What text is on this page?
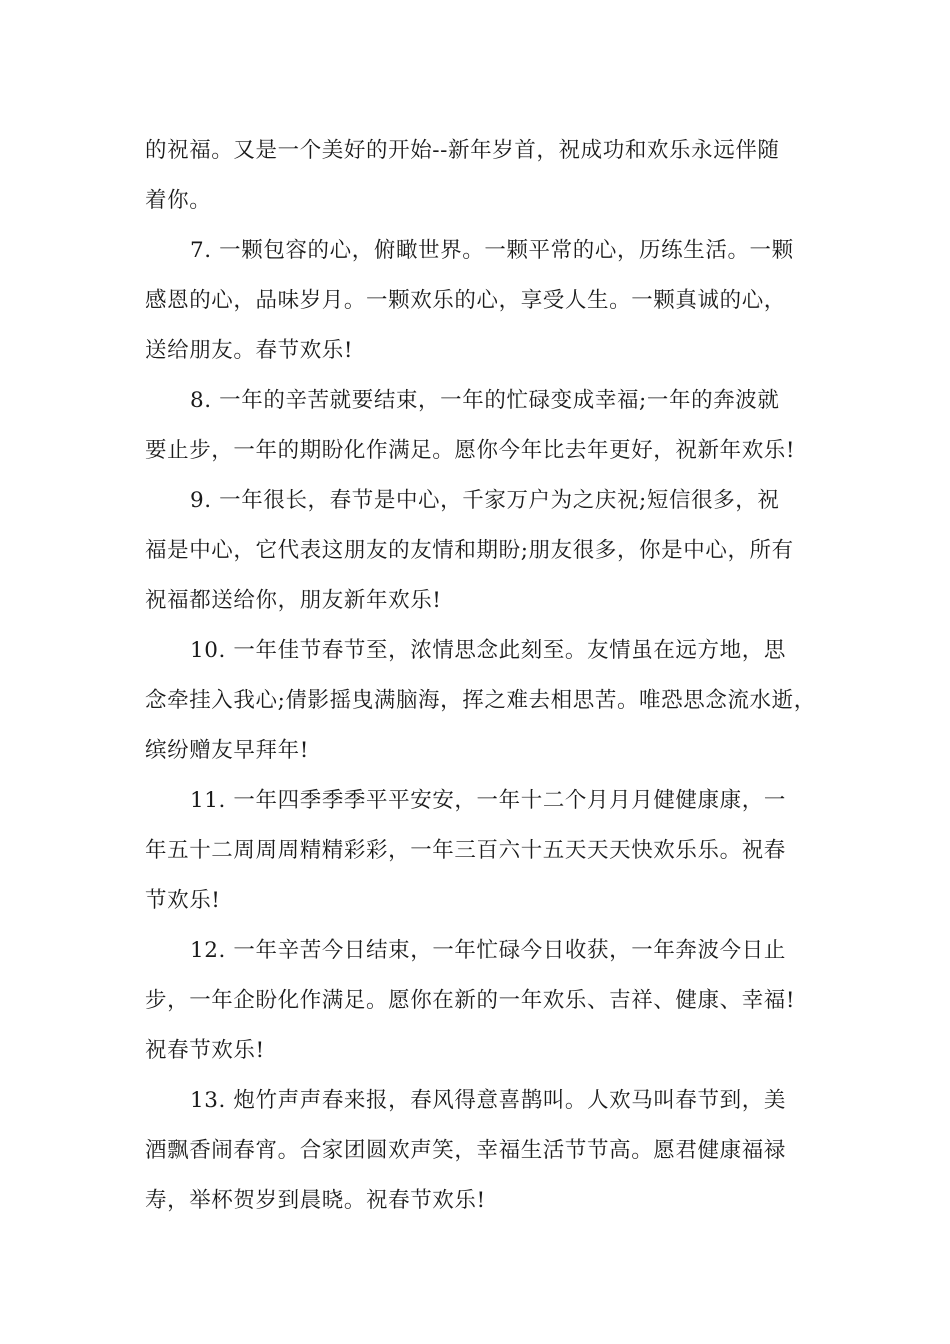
的祝福。又是一个美好的开始--新年岁首，祝成功和欢乐永远伴随
着你。
7. 一颗包容的心，俯瞰世界。一颗平常的心，历练生活。一颗
感恩的心，品味岁月。一颗欢乐的心，享受人生。一颗真诚的心，
送给朋友。春节欢乐!
8. 一年的辛苦就要结束，一年的忙碌变成幸福;一年的奔波就
要止步，一年的期盼化作满足。愿你今年比去年更好，祝新年欢乐!
9. 一年很长，春节是中心，千家万户为之庆祝;短信很多，祝
福是中心，它代表这朋友的友情和期盼;朋友很多，你是中心，所有
祝福都送给你，朋友新年欢乐!
10. 一年佳节春节至，浓情思念此刻至。友情虽在远方地，思
念牵挂入我心;倩影摇曳满脑海，挥之难去相思苦。唯恐思念流水逝，
缤纷赠友早拜年!
11. 一年四季季季平平安安，一年十二个月月月健健康康，一
年五十二周周周精精彩彩，一年三百六十五天天天快欢乐乐。祝春
节欢乐!
12. 一年辛苦今日结束，一年忙碌今日收获，一年奔波今日止
步，一年企盼化作满足。愿你在新的一年欢乐、吉祥、健康、幸福!
祝春节欢乐!
13. 炮竹声声春来报，春风得意喜鹊叫。人欢马叫春节到，美
酒飘香闹春宵。合家团圆欢声笑，幸福生活节节高。愿君健康福禄
寿，举杯贺岁到晨晓。祝春节欢乐!
